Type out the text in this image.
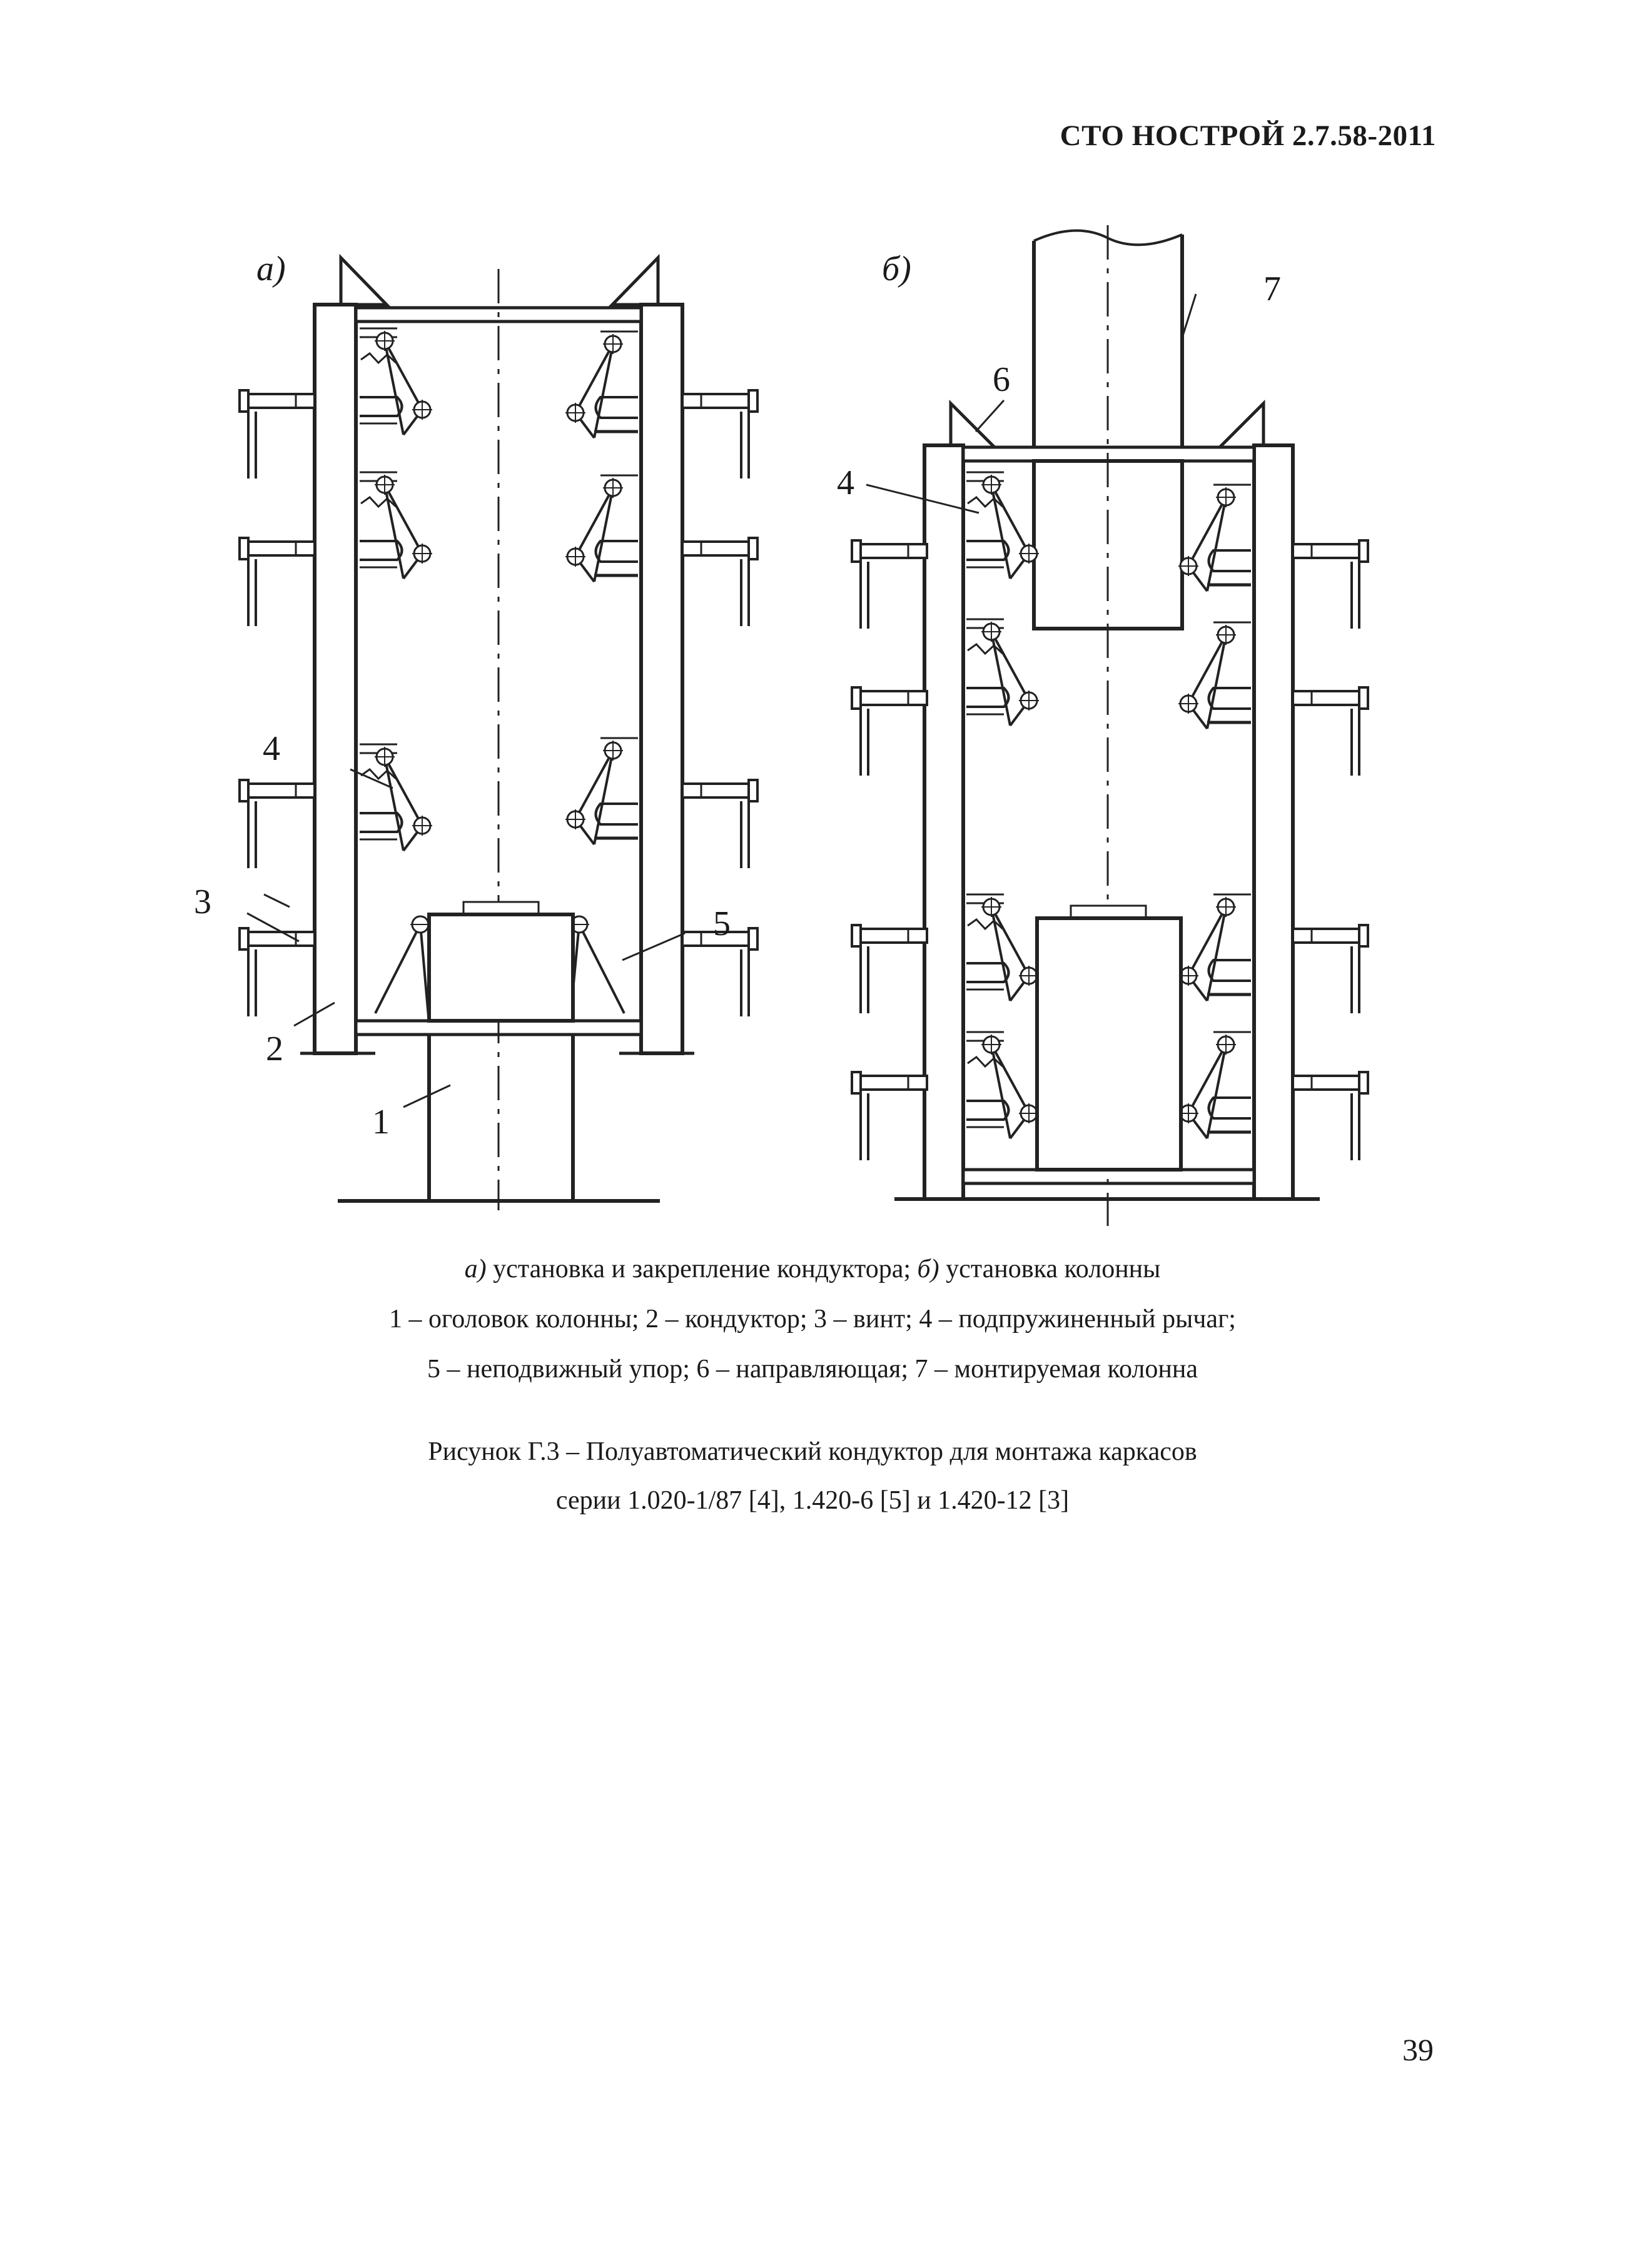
СТО НОСТРОЙ 2.7.58-2011
а)	б)
4
3
5
2
1
7
6
4
а) установка и закрепление кондуктора; б) установка колонны
1 – оголовок колонны; 2 – кондуктор; 3 – винт; 4 – подпружиненный рычаг;
5 – неподвижный упор; 6 – направляющая; 7 – монтируемая колонна
Рисунок Г.3 – Полуавтоматический кондуктор для монтажа каркасов
серии 1.020-1/87 [4], 1.420-6 [5] и 1.420-12 [3]
39
